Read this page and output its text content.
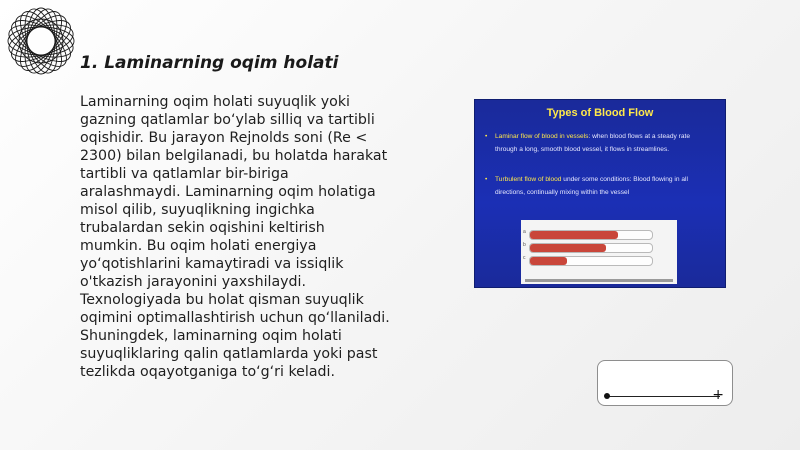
1. Laminarning oqim holati
Laminarning oqim holati suyuqlik yoki gazning qatlamlar bo‘ylab silliq va tartibli oqishidir. Bu jarayon Rejnolds soni (Re < 2300) bilan belgilanadi, bu holatda harakat tartibli va qatlamlar bir-biriga aralashmaydi. Laminarning oqim holatiga misol qilib, suyuqlikning ingichka trubalardan sekin oqishini keltirish mumkin. Bu oqim holati energiya yo‘qotishlarini kamaytiradi va issiqlik o'tkazish jarayonini yaxshilaydi. Texnologiyada bu holat qisman suyuqlik oqimini optimallashtirish uchun qo‘llaniladi. Shuningdek, laminarning oqim holati suyuqliklaring qalin qatlamlarda yoki past tezlikda oqayotganiga to‘g‘ri keladi.
Types of Blood Flow
•	Laminar flow of blood in vessels: when blood flows at a steady rate through a long, smooth blood vessel, it flows in streamlines.
•	Turbulent flow of blood under some conditions: Blood flowing in all directions, continually mixing within the vessel
a
b
c
+
